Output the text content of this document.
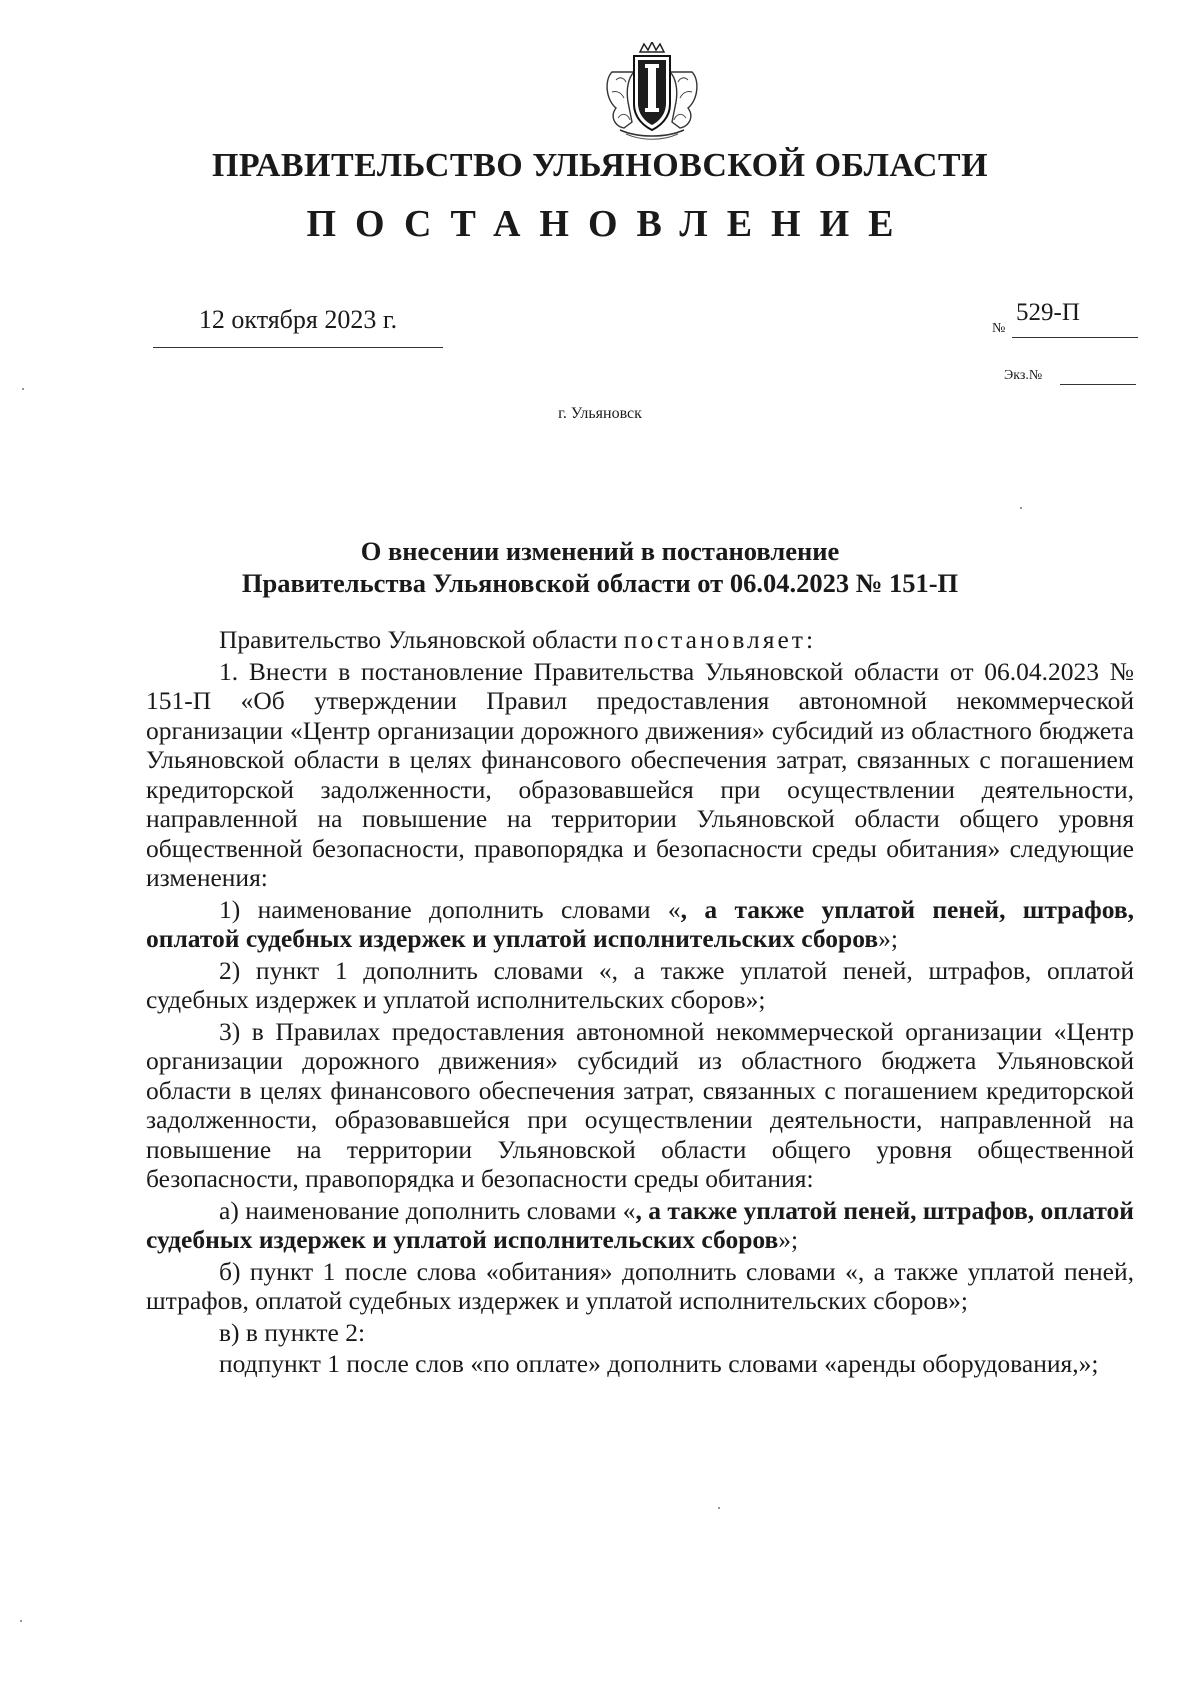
ПРАВИТЕЛЬСТВО УЛЬЯНОВСКОЙ ОБЛАСТИ
ПОСТАНОВЛЕНИЕ
12 октября 2023 г.	№
529-П
Экз.№
г. Ульяновск
О внесении изменений в постановление
Правительства Ульяновской области от 06.04.2023 № 151-П

Правительство Ульяновской области постановляет:

1. Внести в постановление Правительства Ульяновской области от 06.04.2023 № 151-П «Об утверждении Правил предоставления автономной некоммерческой организации «Центр организации дорожного движения» субсидий из областного бюджета Ульяновской области в целях финансового обеспечения затрат, связанных с погашением кредиторской задолженности, образовавшейся при осуществлении деятельности, направленной на повышение на территории Ульяновской области общего уровня общественной безопасности, правопорядка и безопасности среды обитания» следующие изменения:

1) наименование дополнить словами «, а также уплатой пеней, штрафов, оплатой судебных издержек и уплатой исполнительских сборов»;

2) пункт 1 дополнить словами «, а также уплатой пеней, штрафов, оплатой судебных издержек и уплатой исполнительских сборов»;

3) в Правилах предоставления автономной некоммерческой организации «Центр организации дорожного движения» субсидий из областного бюджета Ульяновской области в целях финансового обеспечения затрат, связанных с погашением кредиторской задолженности, образовавшейся при осуществлении деятельности, направленной на повышение на территории Ульяновской области общего уровня общественной безопасности, правопорядка и безопасности среды обитания:

а) наименование дополнить словами «, а также уплатой пеней, штрафов, оплатой судебных издержек и уплатой исполнительских сборов»;

б) пункт 1 после слова «обитания» дополнить словами «, а также уплатой пеней, штрафов, оплатой судебных издержек и уплатой исполнительских сборов»;

в) в пункте 2:

подпункт 1 после слов «по оплате» дополнить словами «аренды оборудования,»;
